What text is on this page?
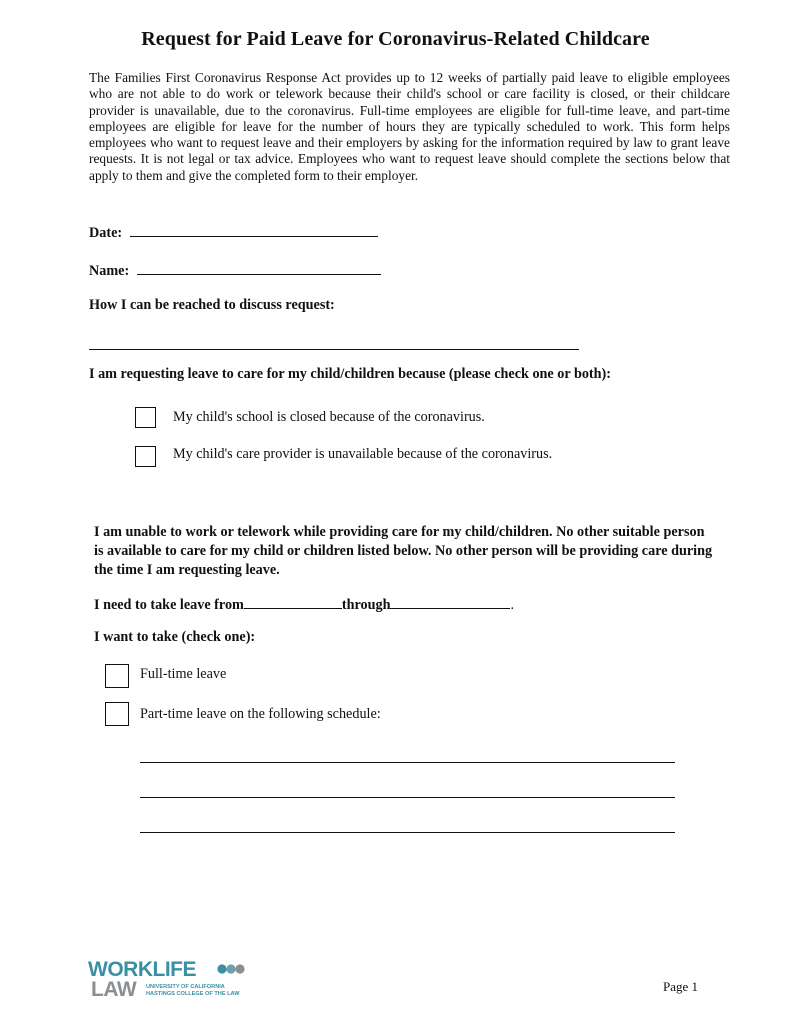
Request for Paid Leave for Coronavirus-Related Childcare

The Families First Coronavirus Response Act provides up to 12 weeks of partially paid leave to eligible employees who are not able to do work or telework because their child's school or care facility is closed, or their childcare provider is unavailable, due to the coronavirus. Full-time employees are eligible for full-time leave, and part-time employees are eligible for leave for the number of hours they are typically scheduled to work. This form helps employees who want to request leave and their employers by asking for the information required by law to grant leave requests. It is not legal or tax advice. Employees who want to request leave should complete the sections below that apply to them and give the completed form to their employer.

Date:
Name:
How I can be reached to discuss request:
I am requesting leave to care for my child/children because (please check one or both):
My child's school is closed because of the coronavirus.
My child's care provider is unavailable because of the coronavirus.

I am unable to work or telework while providing care for my child/children. No other suitable person is available to care for my child or children listed below. No other person will be providing care during the time I am requesting leave.

I need to take leave from	through	.
I want to take (check one):
Full-time leave
Part-time leave on the following schedule:
WORKLIFE
LAW UNIVERSITY OF CALIFORNIA
HASTINGS COLLEGE OF THE LAW	Page 1
